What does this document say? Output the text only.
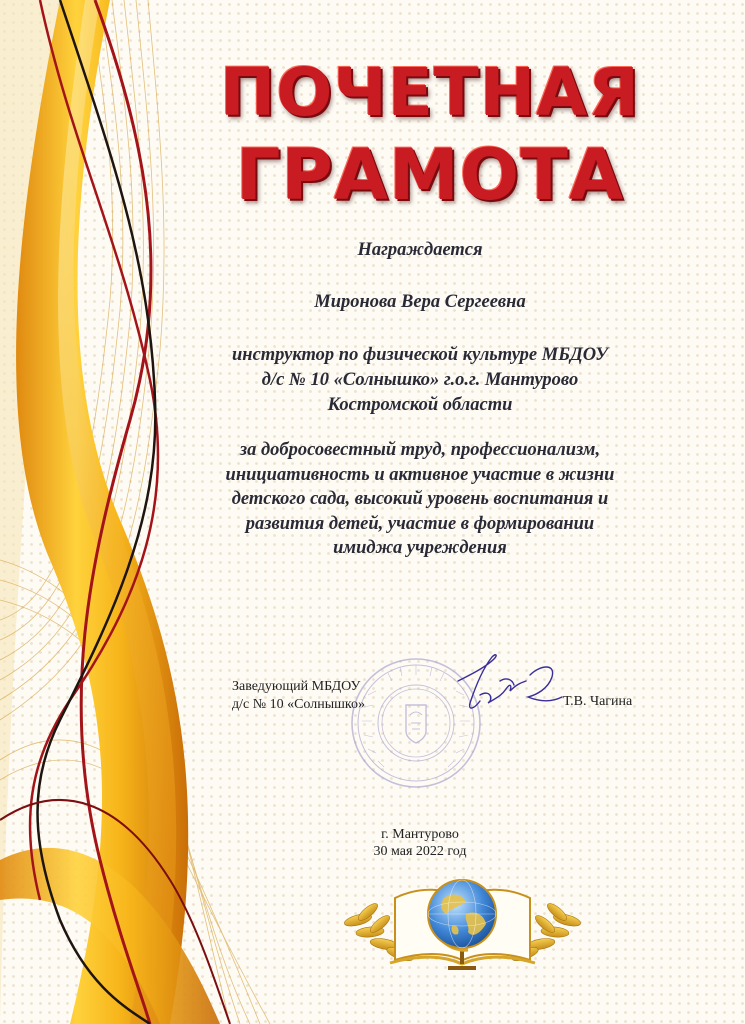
ПОЧЕТНАЯ
ГРАМОТА
Награждается
Миронова Вера Сергеевна
инструктор по физической культуре МБДОУ
д/с № 10 «Солнышко» г.о.г. Мантурово
Костромской области
за добросовестный труд, профессионализм,
инициативность и активное участие в жизни
детского сада, высокий уровень воспитания и
развития детей, участие в формировании
имиджа учреждения
Заведующий МБДОУ
д/с № 10 «Солнышко»	Т.В. Чагина
г. Мантурово
30 мая 2022 год
